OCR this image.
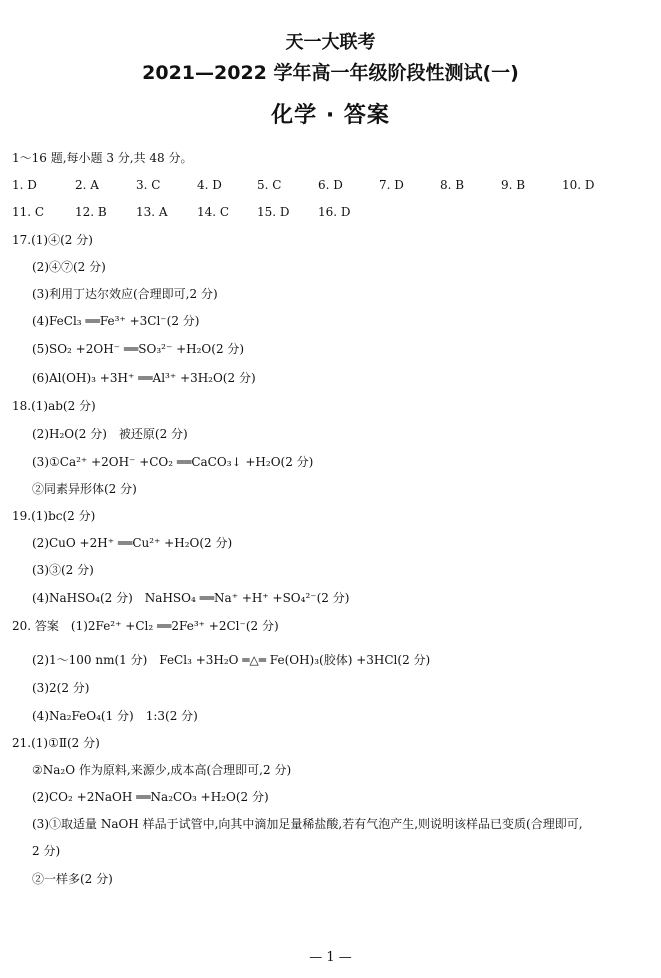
天一大联考
2021—2022 学年高一年级阶段性测试(一)
化学 · 答案
1～16 题,每小题 3 分,共 48 分。
1. D	2. A	3. C	4. D	5. C	6. D	7. D	8. B	9. B	10. D
11. C	12. B 13. A 14. C 15. D 16. D
17.(1)④(2 分)
(2)④⑦(2 分)
(3)利用丁达尔效应(合理即可,2 分)
(4)FeCl₃ ══Fe³⁺ +3Cl⁻(2 分)
(5)SO₂ +2OH⁻ ══SO₃²⁻ +H₂O(2 分)
(6)Al(OH)₃ +3H⁺ ══Al³⁺ +3H₂O(2 分)
18.(1)ab(2 分)
(2)H₂O(2 分)　被还原(2 分)
(3)①Ca²⁺ +2OH⁻ +CO₂ ══CaCO₃↓ +H₂O(2 分)
②同素异形体(2 分)
19.(1)bc(2 分)
(2)CuO +2H⁺ ══Cu²⁺ +H₂O(2 分)
(3)③(2 分)
(4)NaHSO₄(2 分)　NaHSO₄ ══Na⁺ +H⁺ +SO₄²⁻(2 分)
20. 答案　(1)2Fe²⁺ +Cl₂ ══2Fe³⁺ +2Cl⁻(2 分)
(2)1～100 nm(1 分)　FeCl₃ +3H₂O ═△═ Fe(OH)₃(胶体) +3HCl(2 分)
(3)2(2 分)
(4)Na₂FeO₄(1 分)　1:3(2 分)
21.(1)①Ⅱ(2 分)
②Na₂O 作为原料,来源少,成本高(合理即可,2 分)
(2)CO₂ +2NaOH ══Na₂CO₃ +H₂O(2 分)
(3)①取适量 NaOH 样品于试管中,向其中滴加足量稀盐酸,若有气泡产生,则说明该样品已变质(合理即可,
2 分)
②一样多(2 分)
— 1 —
